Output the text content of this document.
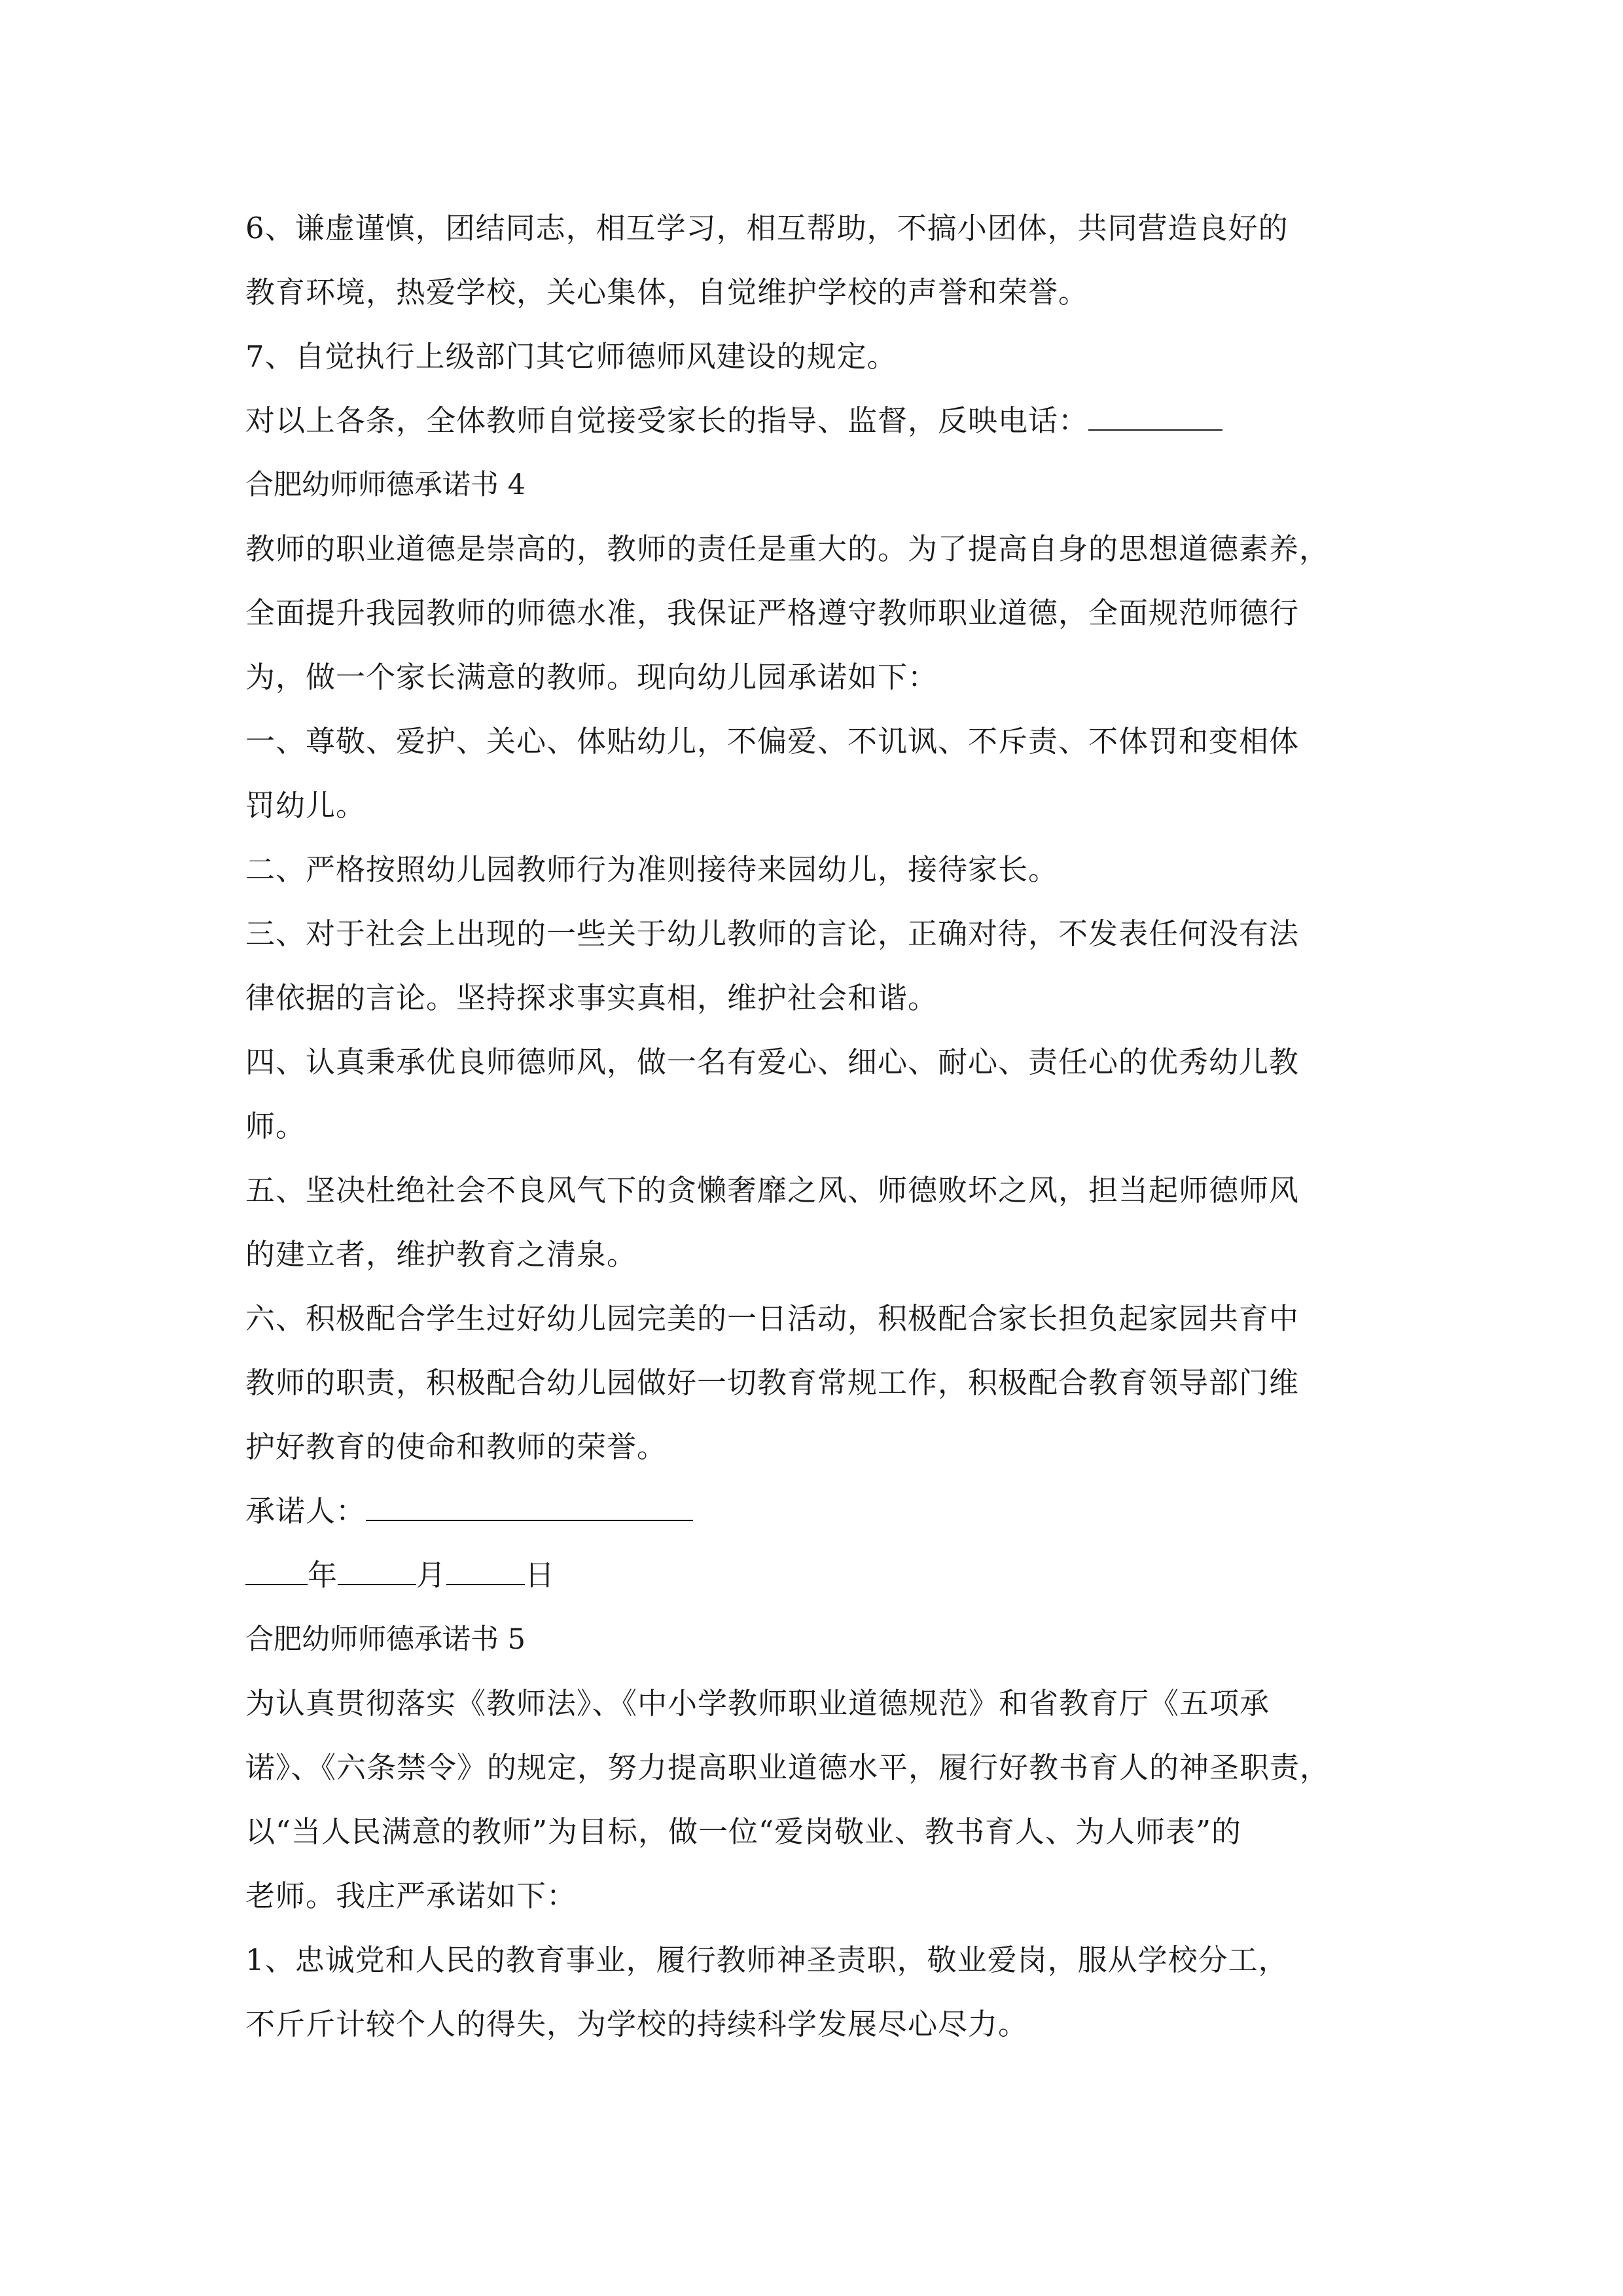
6、谦虚谨慎，团结同志，相互学习，相互帮助，不搞小团体，共同营造良好的
教育环境，热爱学校，关心集体，自觉维护学校的声誉和荣誉。
7、自觉执行上级部门其它师德师风建设的规定。
对以上各条，全体教师自觉接受家长的指导、监督，反映电话：
合肥幼师师德承诺书 4
教师的职业道德是崇高的，教师的责任是重大的。为了提高自身的思想道德素养，
全面提升我园教师的师德水准，我保证严格遵守教师职业道德，全面规范师德行
为，做一个家长满意的教师。现向幼儿园承诺如下：
一、尊敬、爱护、关心、体贴幼儿，不偏爱、不讥讽、不斥责、不体罚和变相体
罚幼儿。
二、严格按照幼儿园教师行为准则接待来园幼儿，接待家长。
三、对于社会上出现的一些关于幼儿教师的言论，正确对待，不发表任何没有法
律依据的言论。坚持探求事实真相，维护社会和谐。
四、认真秉承优良师德师风，做一名有爱心、细心、耐心、责任心的优秀幼儿教
师。
五、坚决杜绝社会不良风气下的贪懒奢靡之风、师德败坏之风，担当起师德师风
的建立者，维护教育之清泉。
六、积极配合学生过好幼儿园完美的一日活动，积极配合家长担负起家园共育中
教师的职责，积极配合幼儿园做好一切教育常规工作，积极配合教育领导部门维
护好教育的使命和教师的荣誉。
承诺人：
年	月	日
合肥幼师师德承诺书 5
为认真贯彻落实《教师法》、《中小学教师职业道德规范》和省教育厅《五项承
诺》、《六条禁令》的规定，努力提高职业道德水平，履行好教书育人的神圣职责，
以“当人民满意的教师”为目标，做一位“爱岗敬业、教书育人、为人师表”的
老师。我庄严承诺如下：
1、忠诚党和人民的教育事业，履行教师神圣责职，敬业爱岗，服从学校分工，
不斤斤计较个人的得失，为学校的持续科学发展尽心尽力。
